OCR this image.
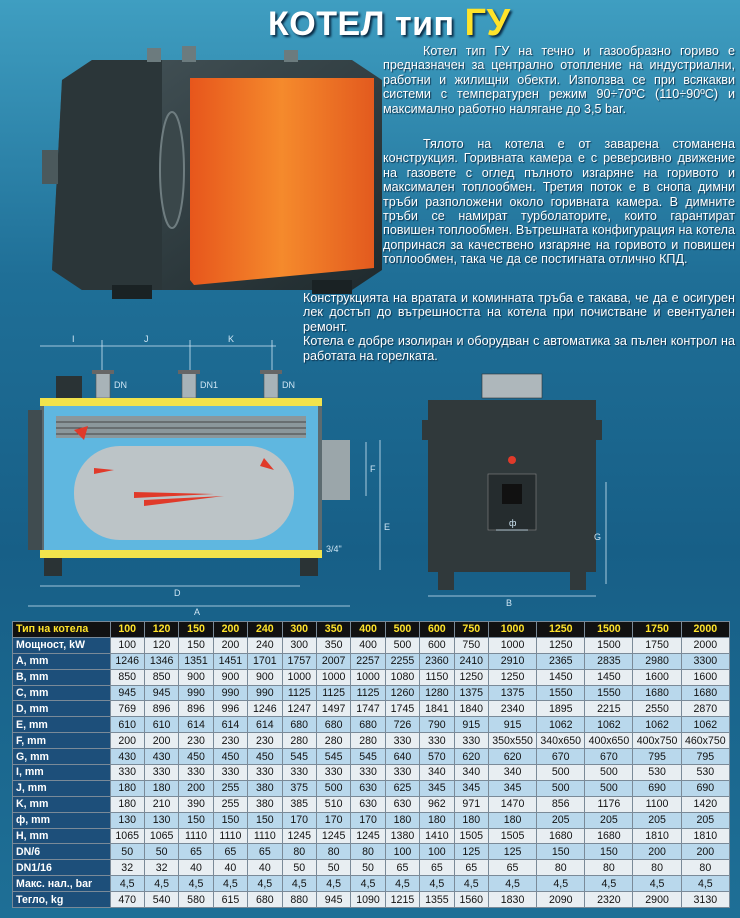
КОТЕЛ тип ГУ

Котел тип ГУ на течно и газообразно гориво е предназначен за централно отопление на индустриални, работни и жилищни обекти. Използва се при всякакви системи с температурен режим 90÷70ºC (110÷90ºC) и максимално работно налягане до 3,5 bar.

Тялото на котела е от заварена стоманена конструкция. Горивната камера е с реверсивно движение на газовете с оглед пълното изгаряне на горивото и максимален топлообмен. Третия поток е в снопа димни тръби разположени около горивната камера. В димните тръби се намират турболаторите, които гарантират повишен топлообмен. Вътрешната конфигурация на котела допринася за качествено изгаряне на горивото и повишен топлообмен, така че да се постигната отлично КПД.

Конструкцията на вратата и коминната тръба е такава, че да е осигурен лек достъп до вътрешността на котела при почистване и евентуален ремонт.

Котела е добре изолиран и оборудван с автоматика за пълен контрол на работата на горелката.

I	J	K
DN	DN1	DN
3/4"
D
A
E
F
ф
B
G
Тип на котела	100	120	150	200	240	300	350	400	500	600	750	1000	1250	1500	1750	2000
Мощност, kW	100	120	150	200	240	300	350	400	500	600	750	1000	1250	1500	1750	2000
A, mm	1246	1346	1351	1451	1701	1757	2007	2257	2255	2360	2410	2910	2365	2835	2980	3300
B, mm	850	850	900	900	900	1000	1000	1000	1080	1150	1250	1250	1450	1450	1600	1600
C, mm	945	945	990	990	990	1125	1125	1125	1260	1280	1375	1375	1550	1550	1680	1680
D, mm	769	896	896	996	1246	1247	1497	1747	1745	1841	1840	2340	1895	2215	2550	2870
E, mm	610	610	614	614	614	680	680	680	726	790	915	915	1062	1062	1062	1062
F, mm	200	200	230	230	230	280	280	280	330	330	330	350x550	340x650	400x650	400x750	460x750
G, mm	430	430	450	450	450	545	545	545	640	570	620	620	670	670	795	795
I, mm	330	330	330	330	330	330	330	330	330	340	340	340	500	500	530	530
J, mm	180	180	200	255	380	375	500	630	625	345	345	345	500	500	690	690
K, mm	180	210	390	255	380	385	510	630	630	962	971	1470	856	1176	1100	1420
ф, mm	130	130	150	150	150	170	170	170	180	180	180	180	205	205	205	205
H, mm	1065	1065	1110	1110	1110	1245	1245	1245	1380	1410	1505	1505	1680	1680	1810	1810
DN/6	50	50	65	65	65	80	80	80	100	100	125	125	150	150	200	200
DN1/16	32	32	40	40	40	50	50	50	65	65	65	65	80	80	80	80
Макс. нал., bar	4,5	4,5	4,5	4,5	4,5	4,5	4,5	4,5	4,5	4,5	4,5	4,5	4,5	4,5	4,5	4,5
Тегло, kg	470	540	580	615	680	880	945	1090	1215	1355	1560	1830	2090	2320	2900	3130
